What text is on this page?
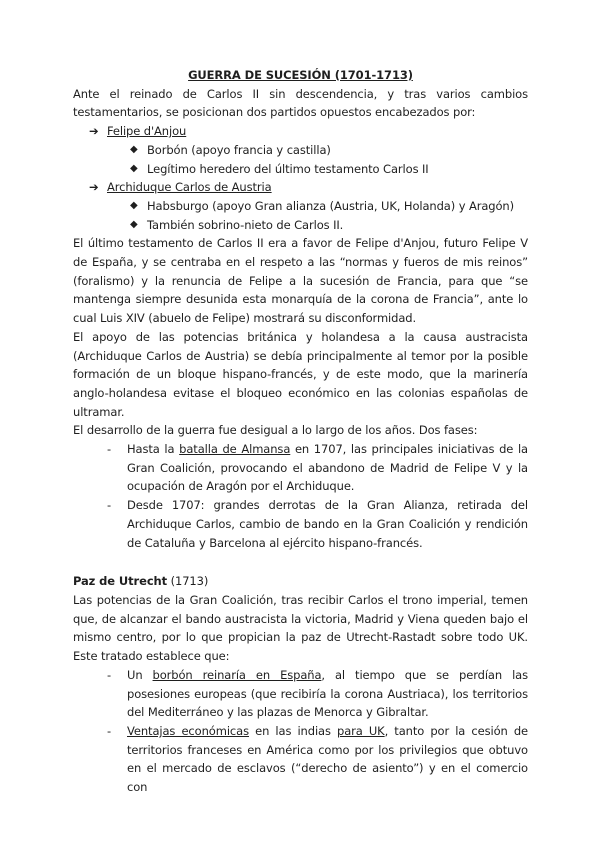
GUERRA DE SUCESIÓN (1701-1713)
Ante el reinado de Carlos II sin descendencia, y tras varios cambios testamentarios, se posicionan dos partidos opuestos encabezados por:
➔ Felipe d'Anjou
◆ Borbón (apoyo francia y castilla)
◆ Legítimo heredero del último testamento Carlos II
➔ Archiduque Carlos de Austria
◆ Habsburgo (apoyo Gran alianza (Austria, UK, Holanda) y Aragón)
◆ También sobrino-nieto de Carlos II.
El último testamento de Carlos II era a favor de Felipe d'Anjou, futuro Felipe V de España, y se centraba en el respeto a las “normas y fueros de mis reinos” (foralismo) y la renuncia de Felipe a la sucesión de Francia, para que “se mantenga siempre desunida esta monarquía de la corona de Francia”, ante lo cual Luis XIV (abuelo de Felipe) mostrará su disconformidad.
El apoyo de las potencias británica y holandesa a la causa austracista (Archiduque Carlos de Austria) se debía principalmente al temor por la posible formación de un bloque hispano-francés, y de este modo, que la marinería anglo-holandesa evitase el bloqueo económico en las colonias españolas de ultramar.
El desarrollo de la guerra fue desigual a lo largo de los años. Dos fases:
-	Hasta la batalla de Almansa en 1707, las principales iniciativas de la Gran Coalición, provocando el abandono de Madrid de Felipe V y la ocupación de Aragón por el Archiduque.
-	Desde 1707: grandes derrotas de la Gran Alianza, retirada del Archiduque Carlos, cambio de bando en la Gran Coalición y rendición de Cataluña y Barcelona al ejército hispano-francés.
Paz de Utrecht (1713)
Las potencias de la Gran Coalición, tras recibir Carlos el trono imperial, temen que, de alcanzar el bando austracista la victoria, Madrid y Viena queden bajo el mismo centro, por lo que propician la paz de Utrecht-Rastadt sobre todo UK. Este tratado establece que:
-	Un borbón reinaría en España, al tiempo que se perdían las posesiones europeas (que recibiría la corona Austriaca), los territorios del Mediterráneo y las plazas de Menorca y Gibraltar.
-	Ventajas económicas en las indias para UK, tanto por la cesión de territorios franceses en América como por los privilegios que obtuvo en el mercado de esclavos (“derecho de asiento”) y en el comercio con
